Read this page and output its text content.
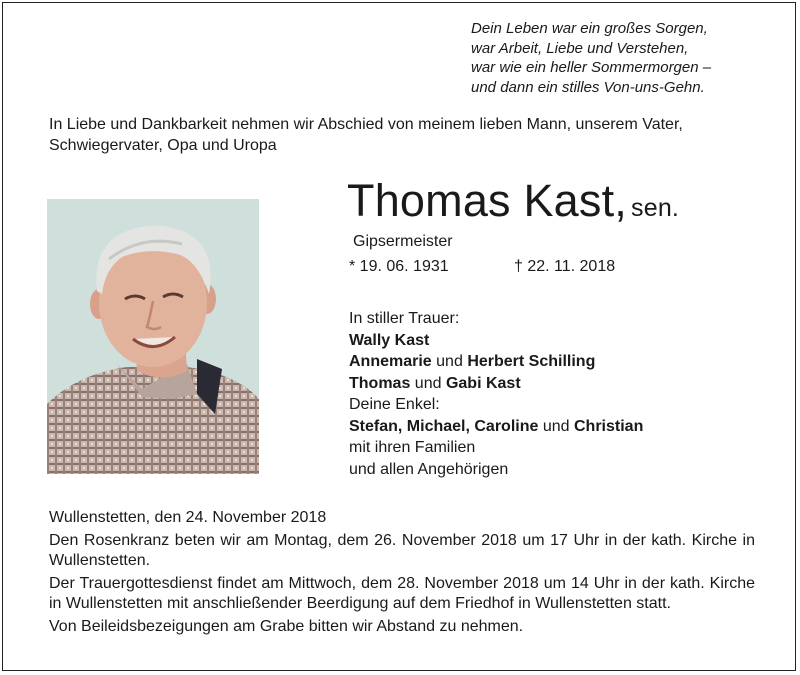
Dein Leben war ein großes Sorgen,
war Arbeit, Liebe und Verstehen,
war wie ein heller Sommermorgen –
und dann ein stilles Von-uns-Gehn.
In Liebe und Dankbarkeit nehmen wir Abschied von meinem lieben Mann, unserem Vater, Schwiegervater, Opa und Uropa
Thomas Kast, sen.
Gipsermeister
* 19. 06. 1931	† 22. 11. 2018
In stiller Trauer:
Wally Kast
Annemarie und Herbert Schilling
Thomas und Gabi Kast
Deine Enkel:
Stefan, Michael, Caroline und Christian
mit ihren Familien
und allen Angehörigen

Wullenstetten, den 24. November 2018

Den Rosenkranz beten wir am Montag, dem 26. November 2018 um 17 Uhr in der kath. Kirche in Wullenstetten.

Der Trauergottesdienst findet am Mittwoch, dem 28. November 2018 um 14 Uhr in der kath. Kirche in Wullenstetten mit anschließender Beerdigung auf dem Friedhof in Wullenstetten statt.

Von Beileidsbezeigungen am Grabe bitten wir Abstand zu nehmen.
